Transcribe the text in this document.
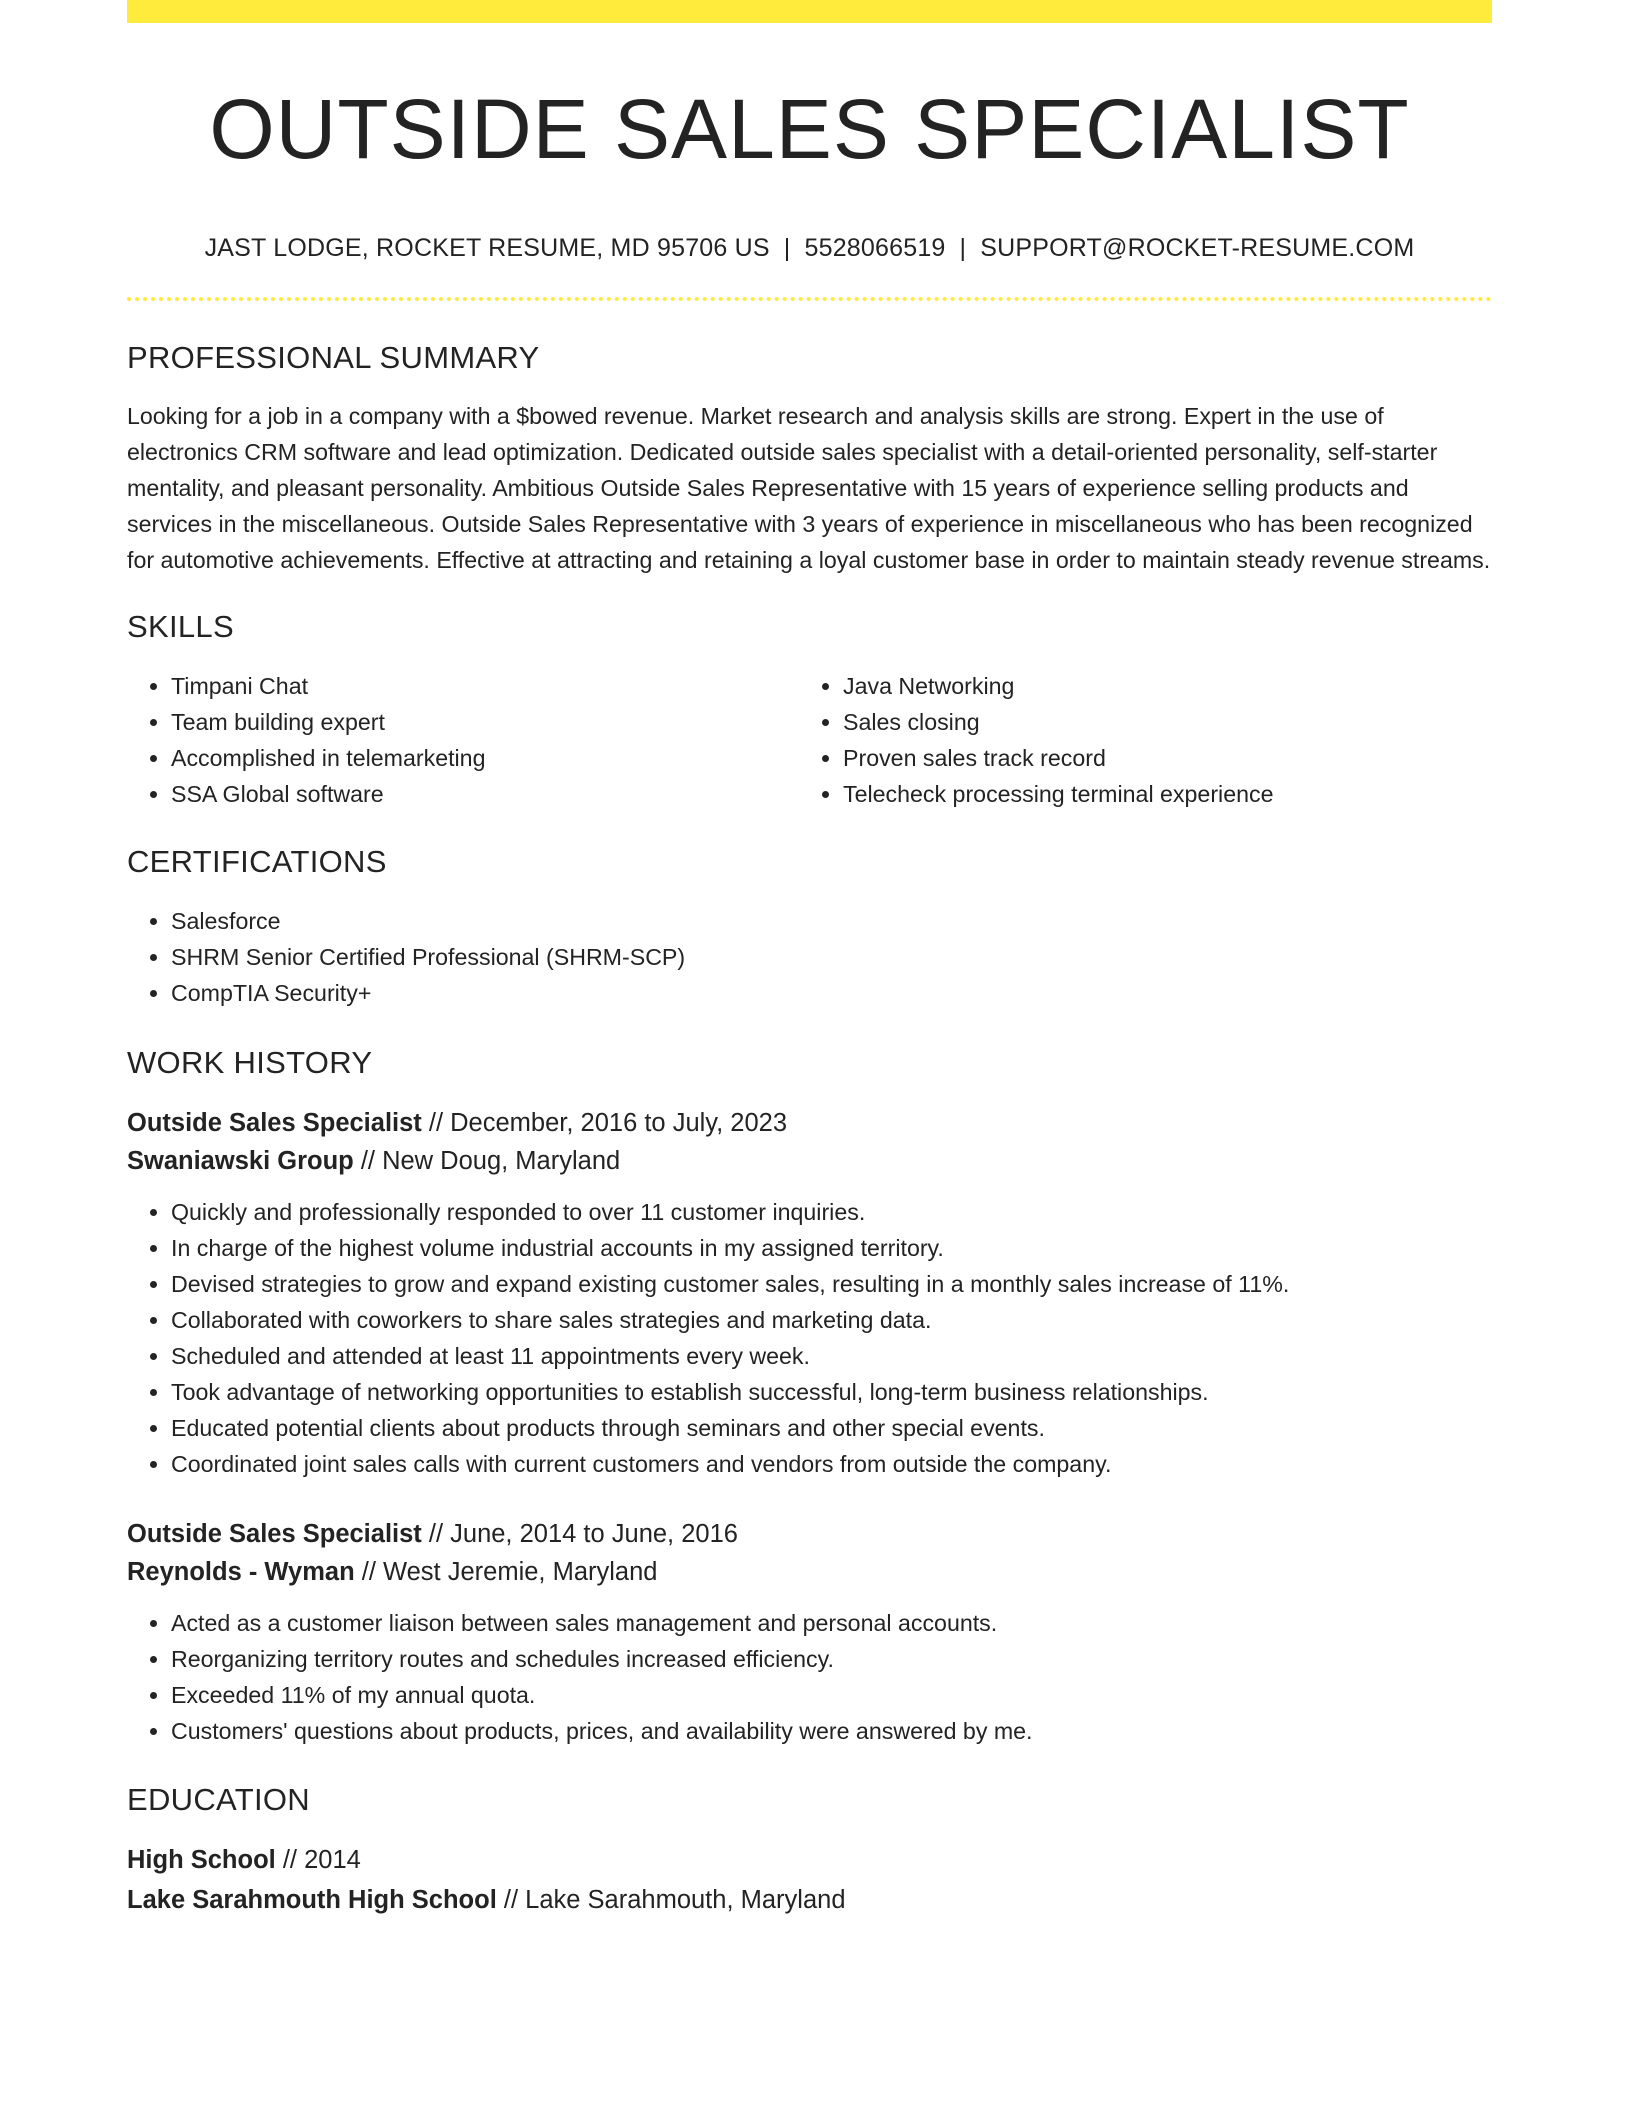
OUTSIDE SALES SPECIALIST
JAST LODGE, ROCKET RESUME, MD 95706 US | 5528066519 | SUPPORT@ROCKET-RESUME.COM
PROFESSIONAL SUMMARY

Looking for a job in a company with a $bowed revenue. Market research and analysis skills are strong. Expert in the use of electronics CRM software and lead optimization. Dedicated outside sales specialist with a detail-oriented personality, self-starter mentality, and pleasant personality. Ambitious Outside Sales Representative with 15 years of experience selling products and services in the miscellaneous. Outside Sales Representative with 3 years of experience in miscellaneous who has been recognized for automotive achievements. Effective at attracting and retaining a loyal customer base in order to maintain steady revenue streams.

SKILLS
• Timpani Chat
• Team building expert
• Accomplished in telemarketing
• SSA Global software
• Java Networking
• Sales closing
• Proven sales track record
• Telecheck processing terminal experience
CERTIFICATIONS
• Salesforce
• SHRM Senior Certified Professional (SHRM-SCP)
• CompTIA Security+
WORK HISTORY
Outside Sales Specialist // December, 2016 to July, 2023
Swaniawski Group // New Doug, Maryland
• Quickly and professionally responded to over 11 customer inquiries.
• In charge of the highest volume industrial accounts in my assigned territory.
• Devised strategies to grow and expand existing customer sales, resulting in a monthly sales increase of 11%.
• Collaborated with coworkers to share sales strategies and marketing data.
• Scheduled and attended at least 11 appointments every week.
• Took advantage of networking opportunities to establish successful, long-term business relationships.
• Educated potential clients about products through seminars and other special events.
• Coordinated joint sales calls with current customers and vendors from outside the company.
Outside Sales Specialist // June, 2014 to June, 2016
Reynolds - Wyman // West Jeremie, Maryland
• Acted as a customer liaison between sales management and personal accounts.
• Reorganizing territory routes and schedules increased efficiency.
• Exceeded 11% of my annual quota.
• Customers' questions about products, prices, and availability were answered by me.
EDUCATION
High School // 2014
Lake Sarahmouth High School // Lake Sarahmouth, Maryland
